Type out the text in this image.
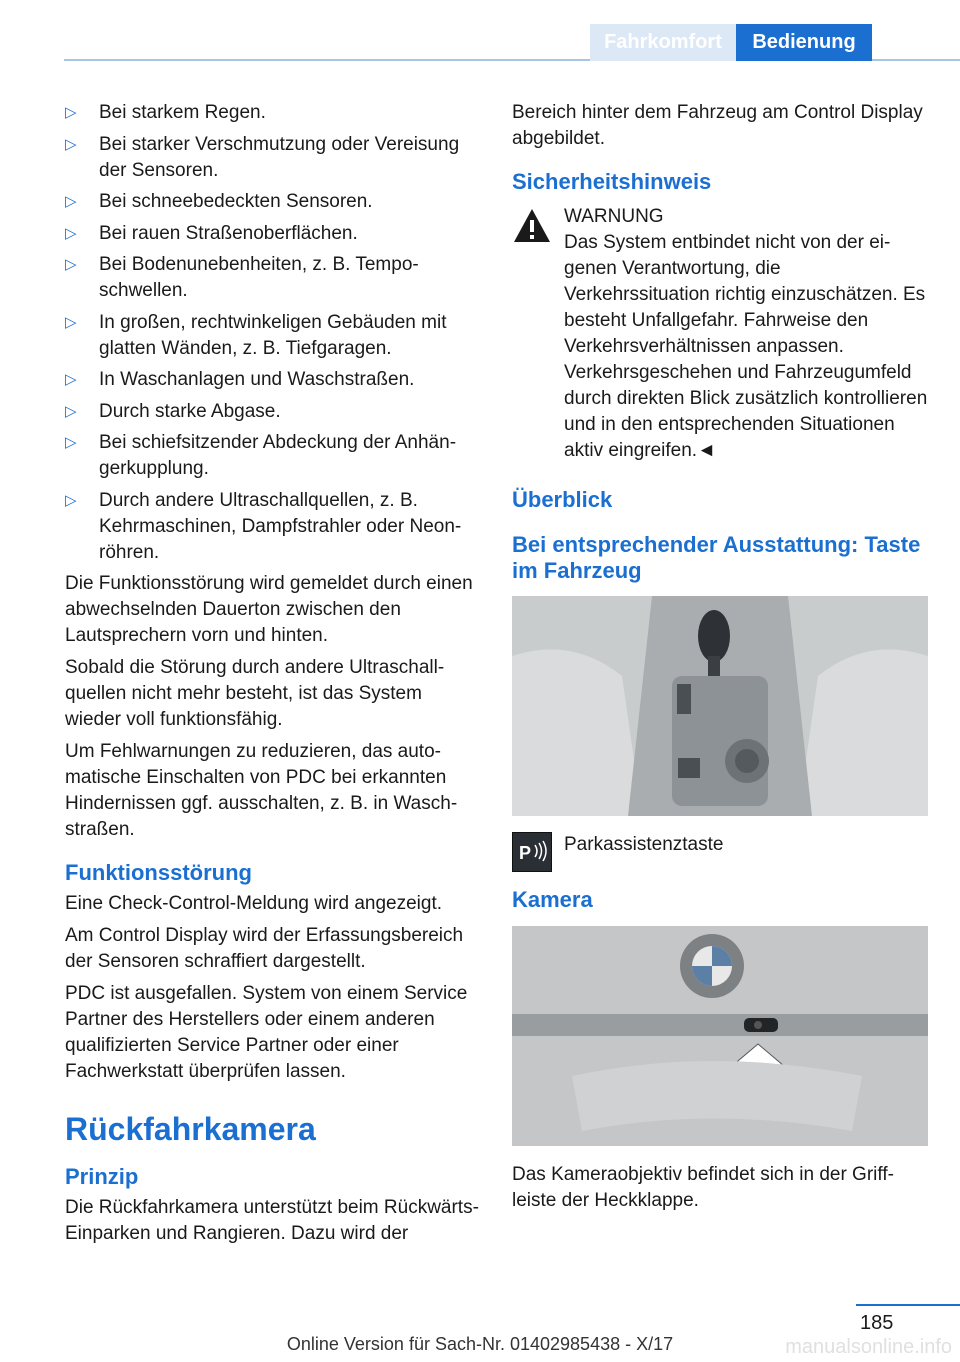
Fahrkomfort	Bedienung
▷ Bei starkem Regen.
▷ Bei starker Verschmutzung oder Vereisung der Sensoren.
▷ Bei schneebedeckten Sensoren.
▷ Bei rauen Straßenoberflächen.
▷ Bei Bodenunebenheiten, z. B. Temposchwellen.
▷ In großen, rechtwinkeligen Gebäuden mit glatten Wänden, z. B. Tiefgaragen.
▷ In Waschanlagen und Waschstraßen.
▷ Durch starke Abgase.
▷ Bei schiefsitzender Abdeckung der Anhängerkupplung.
▷ Durch andere Ultraschallquellen, z. B. Kehrmaschinen, Dampfstrahler oder Neonröhren.

Die Funktionsstörung wird gemeldet durch einen abwechselnden Dauerton zwischen den Lautsprechern vorn und hinten.

Sobald die Störung durch andere Ultraschallquellen nicht mehr besteht, ist das System wieder voll funktionsfähig.

Um Fehlwarnungen zu reduzieren, das automatische Einschalten von PDC bei erkannten Hindernissen ggf. ausschalten, z. B. in Waschstraßen.

Funktionsstörung

Eine Check-Control-Meldung wird angezeigt.

Am Control Display wird der Erfassungsbereich der Sensoren schraffiert dargestellt.

PDC ist ausgefallen. System von einem Service Partner des Herstellers oder einem anderen qualifizierten Service Partner oder einer Fachwerkstatt überprüfen lassen.

Rückfahrkamera
Prinzip

Die Rückfahrkamera unterstützt beim Rückwärts-Einparken und Rangieren. Dazu wird der

Bereich hinter dem Fahrzeug am Control Display abgebildet.

Sicherheitshinweis
WARNUNG
Das System entbindet nicht von der eigenen Verantwortung, die Verkehrssituation richtig einzuschätzen. Es besteht Unfallgefahr. Fahrweise den Verkehrsverhältnissen anpassen. Verkehrsgeschehen und Fahrzeugumfeld durch direkten Blick zusätzlich kontrollieren und in den entsprechenden Situationen aktiv eingreifen.◄
Überblick
Bei entsprechender Ausstattung: Taste im Fahrzeug
P Parkassistenztaste
Kamera

Das Kameraobjektiv befindet sich in der Griffleiste der Heckklappe.

185
Online Version für Sach-Nr. 01402985438 - X/17	manualsonline.info
